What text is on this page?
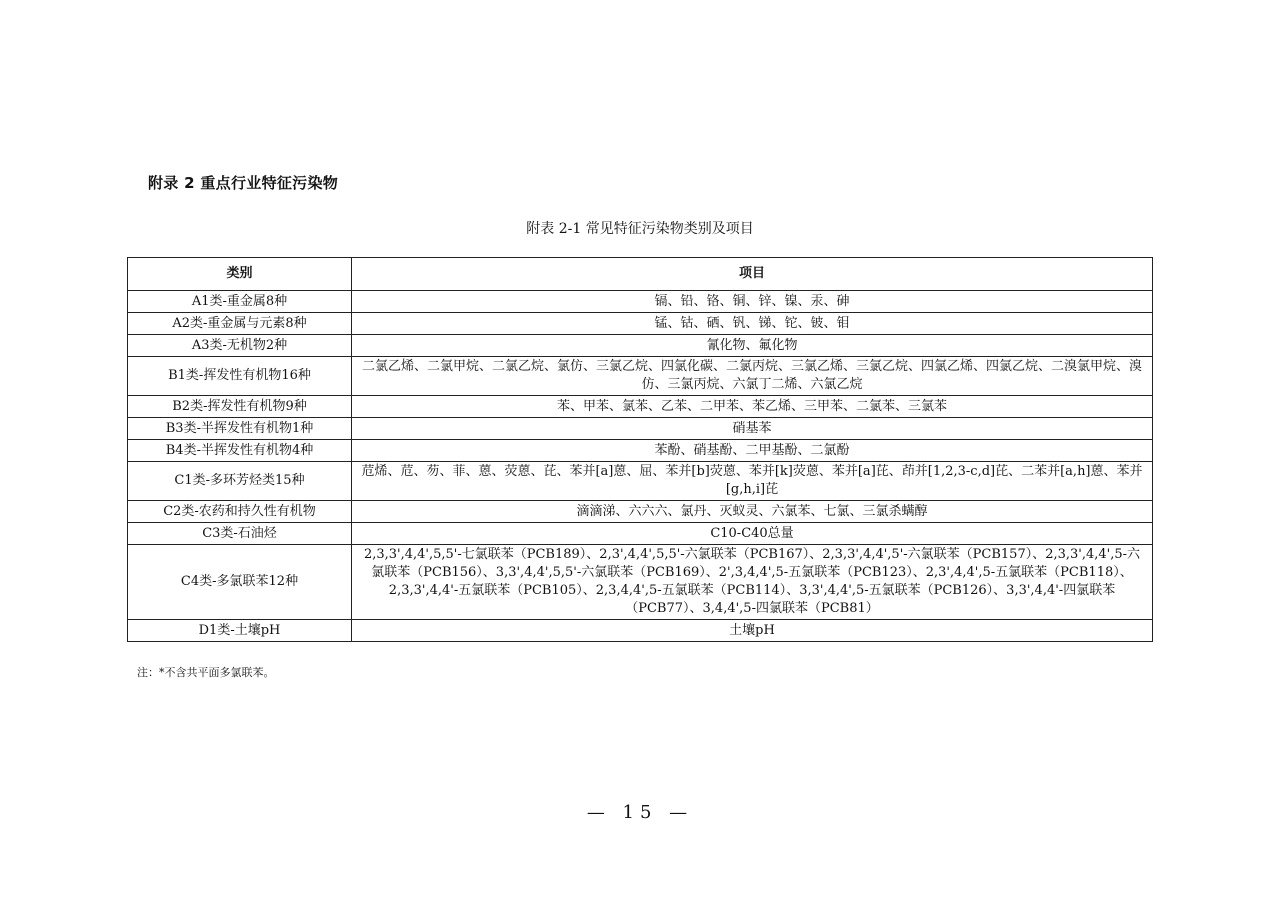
附录 2 重点行业特征污染物
附表 2-1 常见特征污染物类别及项目
类别	项目
A1类-重金属8种	镉、铅、铬、铜、锌、镍、汞、砷
A2类-重金属与元素8种	锰、钴、硒、钒、锑、铊、铍、钼
A3类-无机物2种	氰化物、氟化物
B1类-挥发性有机物16种	二氯乙烯、二氯甲烷、二氯乙烷、氯仿、三氯乙烷、四氯化碳、二氯丙烷、三氯乙烯、三氯乙烷、四氯乙烯、四氯乙烷、二溴氯甲烷、溴仿、三氯丙烷、六氯丁二烯、六氯乙烷
B2类-挥发性有机物9种	苯、甲苯、氯苯、乙苯、二甲苯、苯乙烯、三甲苯、二氯苯、三氯苯
B3类-半挥发性有机物1种	硝基苯
B4类-半挥发性有机物4种	苯酚、硝基酚、二甲基酚、二氯酚
C1类-多环芳烃类15种	苊烯、苊、芴、菲、蒽、荧蒽、芘、苯并[a]蒽、屈、苯并[b]荧蒽、苯并[k]荧蒽、苯并[a]芘、茚并[1,2,3-c,d]芘、二苯并[a,h]蒽、苯并[g,h,i]芘
C2类-农药和持久性有机物	滴滴涕、六六六、氯丹、灭蚁灵、六氯苯、七氯、三氯杀螨醇
C3类-石油烃	C10-C40总量
C4类-多氯联苯12种	2,3,3',4,4',5,5'-七氯联苯（PCB189）、2,3',4,4',5,5'-六氯联苯（PCB167）、2,3,3',4,4',5'-六氯联苯（PCB157）、2,3,3',4,4',5-六氯联苯（PCB156）、3,3',4,4',5,5'-六氯联苯（PCB169）、2',3,4,4',5-五氯联苯（PCB123）、2,3',4,4',5-五氯联苯（PCB118）、2,3,3',4,4'-五氯联苯（PCB105）、2,3,4,4',5-五氯联苯（PCB114）、3,3',4,4',5-五氯联苯（PCB126）、3,3',4,4'-四氯联苯（PCB77）、3,4,4',5-四氯联苯（PCB81）
D1类-土壤pH	土壤pH
注：*不含共平面多氯联苯。
— 15 —
